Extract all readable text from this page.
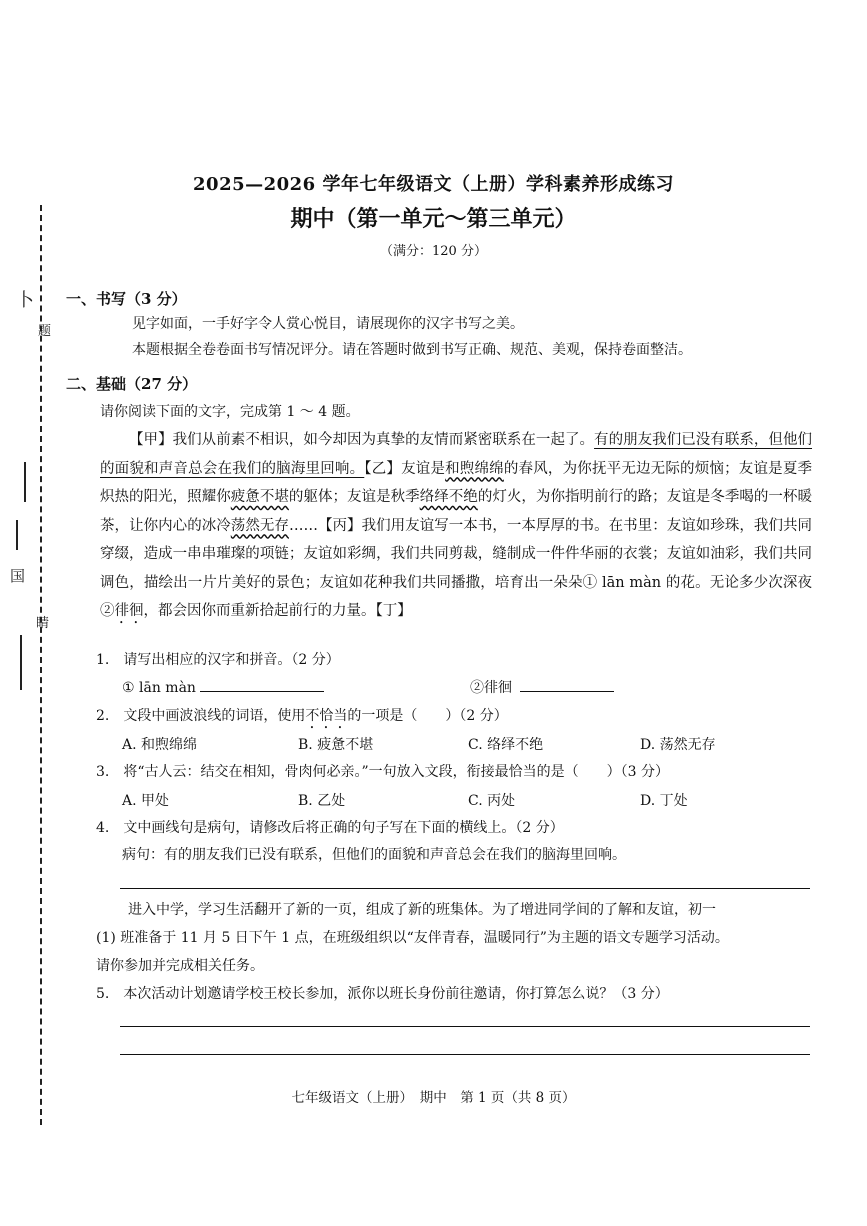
卜
题
国
睛
2025—2026 学年七年级语文（上册）学科素养形成练习
期中（第一单元～第三单元）
（满分：120 分）
一、书写（3 分）
见字如面，一手好字令人赏心悦目，请展现你的汉字书写之美。
本题根据全卷卷面书写情况评分。请在答题时做到书写正确、规范、美观，保持卷面整洁。
二、基础（27 分）
请你阅读下面的文字，完成第 1 ～ 4 题。
【甲】我们从前素不相识，如今却因为真挚的友情而紧密联系在一起了。有的朋友我们已没有联系，但他们的面貌和声音总会在我们的脑海里回响。【乙】友谊是和煦绵绵的春风，为你抚平无边无际的烦恼；友谊是夏季炽热的阳光，照耀你疲惫不堪的躯体；友谊是秋季络绎不绝的灯火，为你指明前行的路；友谊是冬季喝的一杯暖茶，让你内心的冰冷荡然无存……【丙】我们用友谊写一本书，一本厚厚的书。在书里：友谊如珍珠，我们共同穿缀，造成一串串璀璨的项链；友谊如彩绸，我们共同剪裁，缝制成一件件华丽的衣裳；友谊如油彩，我们共同调色，描绘出一片片美好的景色；友谊如花种我们共同播撒，培育出一朵朵① lān màn 的花。无论多少次深夜②徘徊，都会因你而重新拾起前行的力量。【丁】
1.　请写出相应的汉字和拼音。（2 分）
① lān màn	②徘徊
2.　文段中画波浪线的词语，使用不恰当的一项是（　　）（2 分）
A. 和煦绵绵	B. 疲惫不堪	C. 络绎不绝	D. 荡然无存
3.　将“古人云：结交在相知，骨肉何必亲。”一句放入文段，衔接最恰当的是（　　）（3 分）
A. 甲处	B. 乙处	C. 丙处	D. 丁处
4.　文中画线句是病句，请修改后将正确的句子写在下面的横线上。（2 分）
病句：有的朋友我们已没有联系，但他们的面貌和声音总会在我们的脑海里回响。
进入中学，学习生活翻开了新的一页，组成了新的班集体。为了增进同学间的了解和友谊，初一
(1) 班准备于 11 月 5 日下午 1 点，在班级组织以“友伴青春，温暖同行”为主题的语文专题学习活动。
请你参加并完成相关任务。
5.　本次活动计划邀请学校王校长参加，派你以班长身份前往邀请，你打算怎么说？（3 分）
七年级语文（上册）　期中　第 1 页（共 8 页）
